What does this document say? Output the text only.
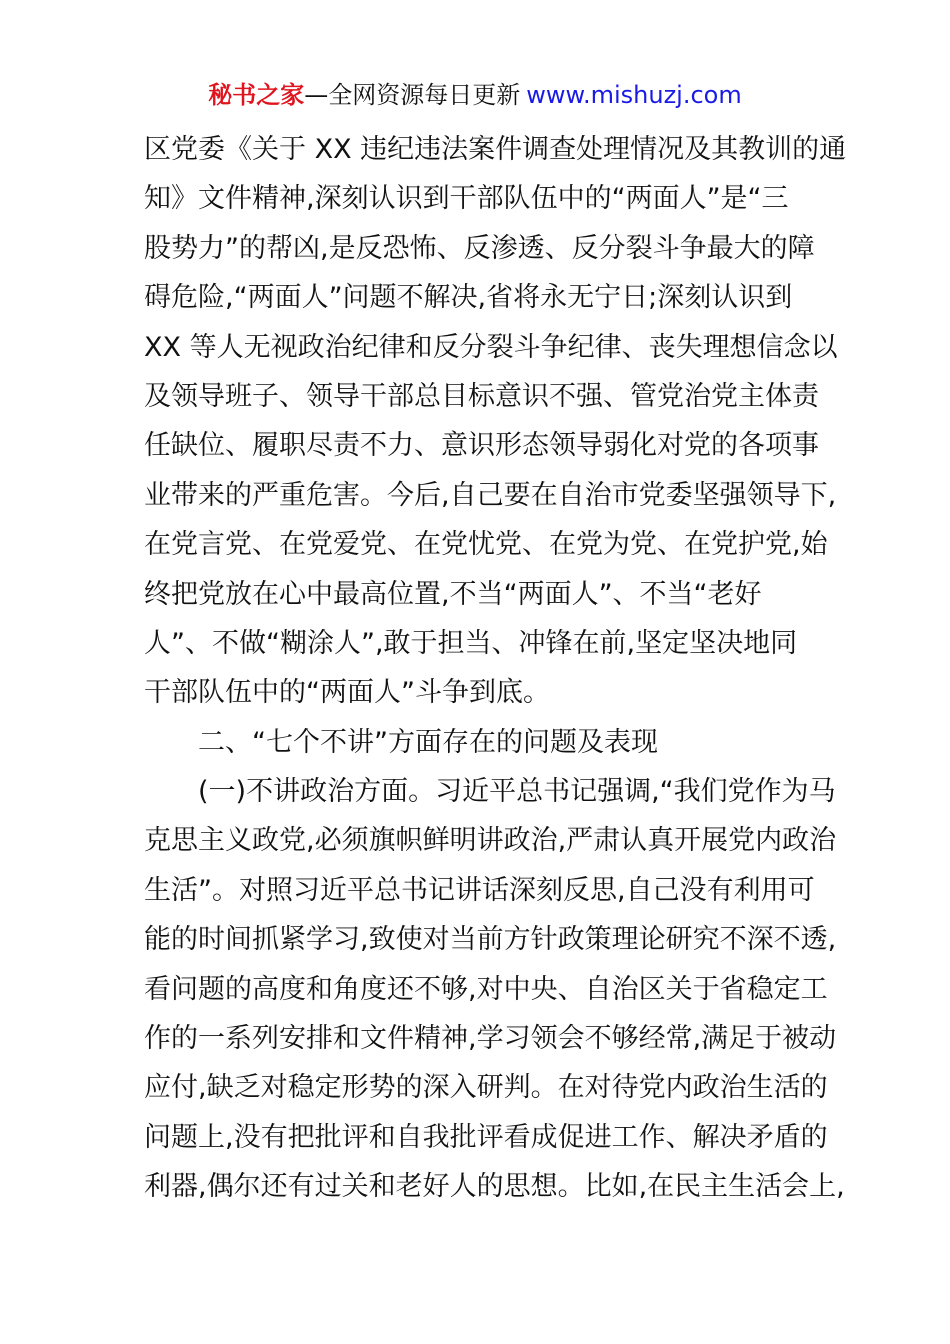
秘书之家—全网资源每日更新 www.mishuzj.com
区党委《关于 XX 违纪违法案件调查处理情况及其教训的通
知》文件精神,深刻认识到干部队伍中的“两面人”是“三
股势力”的帮凶,是反恐怖、反渗透、反分裂斗争最大的障
碍危险,“两面人”问题不解决,省将永无宁日;深刻认识到
XX 等人无视政治纪律和反分裂斗争纪律、丧失理想信念以
及领导班子、领导干部总目标意识不强、管党治党主体责
任缺位、履职尽责不力、意识形态领导弱化对党的各项事
业带来的严重危害。今后,自己要在自治市党委坚强领导下,
在党言党、在党爱党、在党忧党、在党为党、在党护党,始
终把党放在心中最高位置,不当“两面人”、不当“老好
人”、不做“糊涂人”,敢于担当、冲锋在前,坚定坚决地同
干部队伍中的“两面人”斗争到底。
二、“七个不讲”方面存在的问题及表现
(一)不讲政治方面。习近平总书记强调,“我们党作为马
克思主义政党,必须旗帜鲜明讲政治,严肃认真开展党内政治
生活”。对照习近平总书记讲话深刻反思,自己没有利用可
能的时间抓紧学习,致使对当前方针政策理论研究不深不透,
看问题的高度和角度还不够,对中央、自治区关于省稳定工
作的一系列安排和文件精神,学习领会不够经常,满足于被动
应付,缺乏对稳定形势的深入研判。在对待党内政治生活的
问题上,没有把批评和自我批评看成促进工作、解决矛盾的
利器,偶尔还有过关和老好人的思想。比如,在民主生活会上,
